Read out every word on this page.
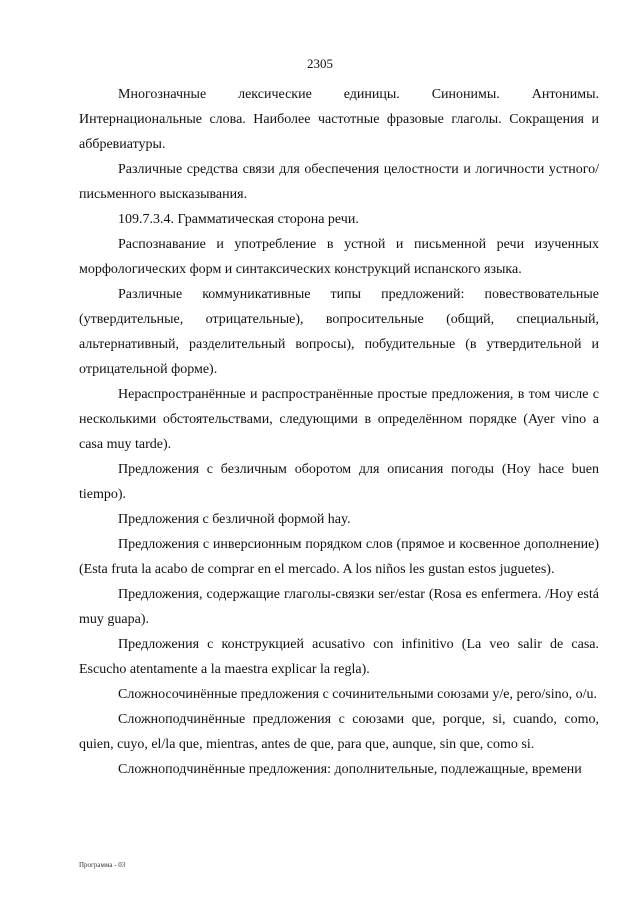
2305

Многозначные лексические единицы. Синонимы. Антонимы. Интернациональные слова. Наиболее частотные фразовые глаголы. Сокращения и аббревиатуры.

Различные средства связи для обеспечения целостности и логичности устного/письменного высказывания.

109.7.3.4. Грамматическая сторона речи.

Распознавание и употребление в устной и письменной речи изученных морфологических форм и синтаксических конструкций испанского языка.

Различные коммуникативные типы предложений: повествовательные (утвердительные, отрицательные), вопросительные (общий, специальный, альтернативный, разделительный вопросы), побудительные (в утвердительной и отрицательной форме).

Нераспространённые и распространённые простые предложения, в том числе с несколькими обстоятельствами, следующими в определённом порядке (Ayer vino a casa muy tarde).

Предложения с безличным оборотом для описания погоды (Hoy hace buen tiempo).

Предложения с безличной формой hay.

Предложения с инверсионным порядком слов (прямое и косвенное дополнение) (Esta fruta la acabo de comprar en el mercado. A los niños les gustan estos juguetes).

Предложения, содержащие глаголы-связки ser/estar (Rosa es enfermera. /Hoy está muy guapa).

Предложения с конструкцией acusativo con infinitivo (La veo salir de casa. Escucho atentamente a la maestra explicar la regla).

Сложносочинённые предложения с сочинительными союзами y/e, pero/sino, o/u.

Сложноподчинённые предложения с союзами que, porque, si, cuando, como, quien, cuyo, el/la que, mientras, antes de que, para que, aunque, sin que, como si.

Сложноподчинённые предложения: дополнительные, подлежащные, времени

Программа - 03
